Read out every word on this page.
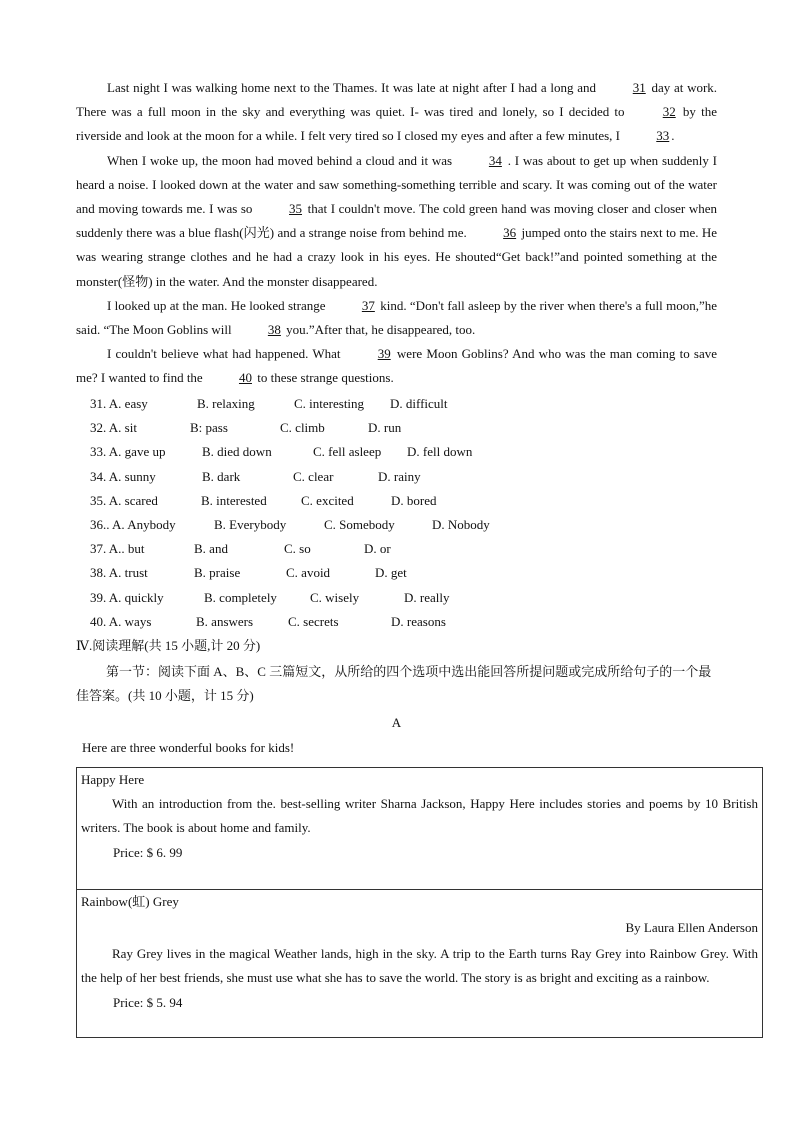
Last night I was walking home next to the Thames. It was late at night after I had a long and	31 day at work. There was a full moon in the sky and everything was quiet. I- was tired and lonely, so I decided to	32 by the riverside and look at the moon for a while. I felt very tired so I closed my eyes and after a few minutes, I	33 .

When I woke up, the moon had moved behind a cloud and it was	34 . I was about to get up when suddenly I heard a noise. I looked down at the water and saw something-something terrible and scary. It was coming out of the water and moving towards me. I was so	35 that I couldn't move. The cold green hand was moving closer and closer when suddenly there was a blue flash(闪光) and a strange noise from behind me.	36 jumped onto the stairs next to me. He was wearing strange clothes and he had a crazy look in his eyes. He shouted“Get back!”and pointed something at the monster(怪物) in the water. And the monster disappeared.

I looked up at the man. He looked strange	37 kind. “Don't fall asleep by the river when there's a full moon,”he said. “The Moon Goblins will	38 you.”After that, he disappeared, too.

I couldn't believe what had happened. What	39 were Moon Goblins? And who was the man coming to save me? I wanted to find the	40 to these strange questions.

31. A. easy	B. relaxing	C. interesting D. difficult
32. A. sit	B: pass	C. climb	D. run
33. A. gave up	B. died down	C. fell asleep D. fell down
34. A. sunny	B. dark	C. clear	D. rainy
35. A. scared	B. interested	C. excited	D. bored
36.. A. Anybody	B. Everybody	C. Somebody	D. Nobody
37. A.. but	B. and	C. so	D. or
38. A. trust	B. praise	C. avoid	D. get
39. A. quickly	B. completely	C. wisely	D. really
40. A. ways	B. answers	C. secrets	D. reasons
Ⅳ.阅读理解(共 15 小题,计 20 分)
第一节：阅读下面 A、B、C 三篇短文，从所给的四个选项中选出能回答所提问题或完成所给句子的一个最佳答案。(共 10 小题，计 15 分)
A
Here are three wonderful books for kids!

Happy Here

With an introduction from the. best-selling writer Sharna Jackson, Happy Here includes stories and poems by 10 British writers. The book is about home and family.

Price: $ 6. 99

Rainbow(虹) Grey

By Laura Ellen Anderson

Ray Grey lives in the magical Weather lands, high in the sky. A trip to the Earth turns Ray Grey into Rainbow Grey. With the help of her best friends, she must use what she has to save the world. The story is as bright and exciting as a rainbow.

Price: $ 5. 94
